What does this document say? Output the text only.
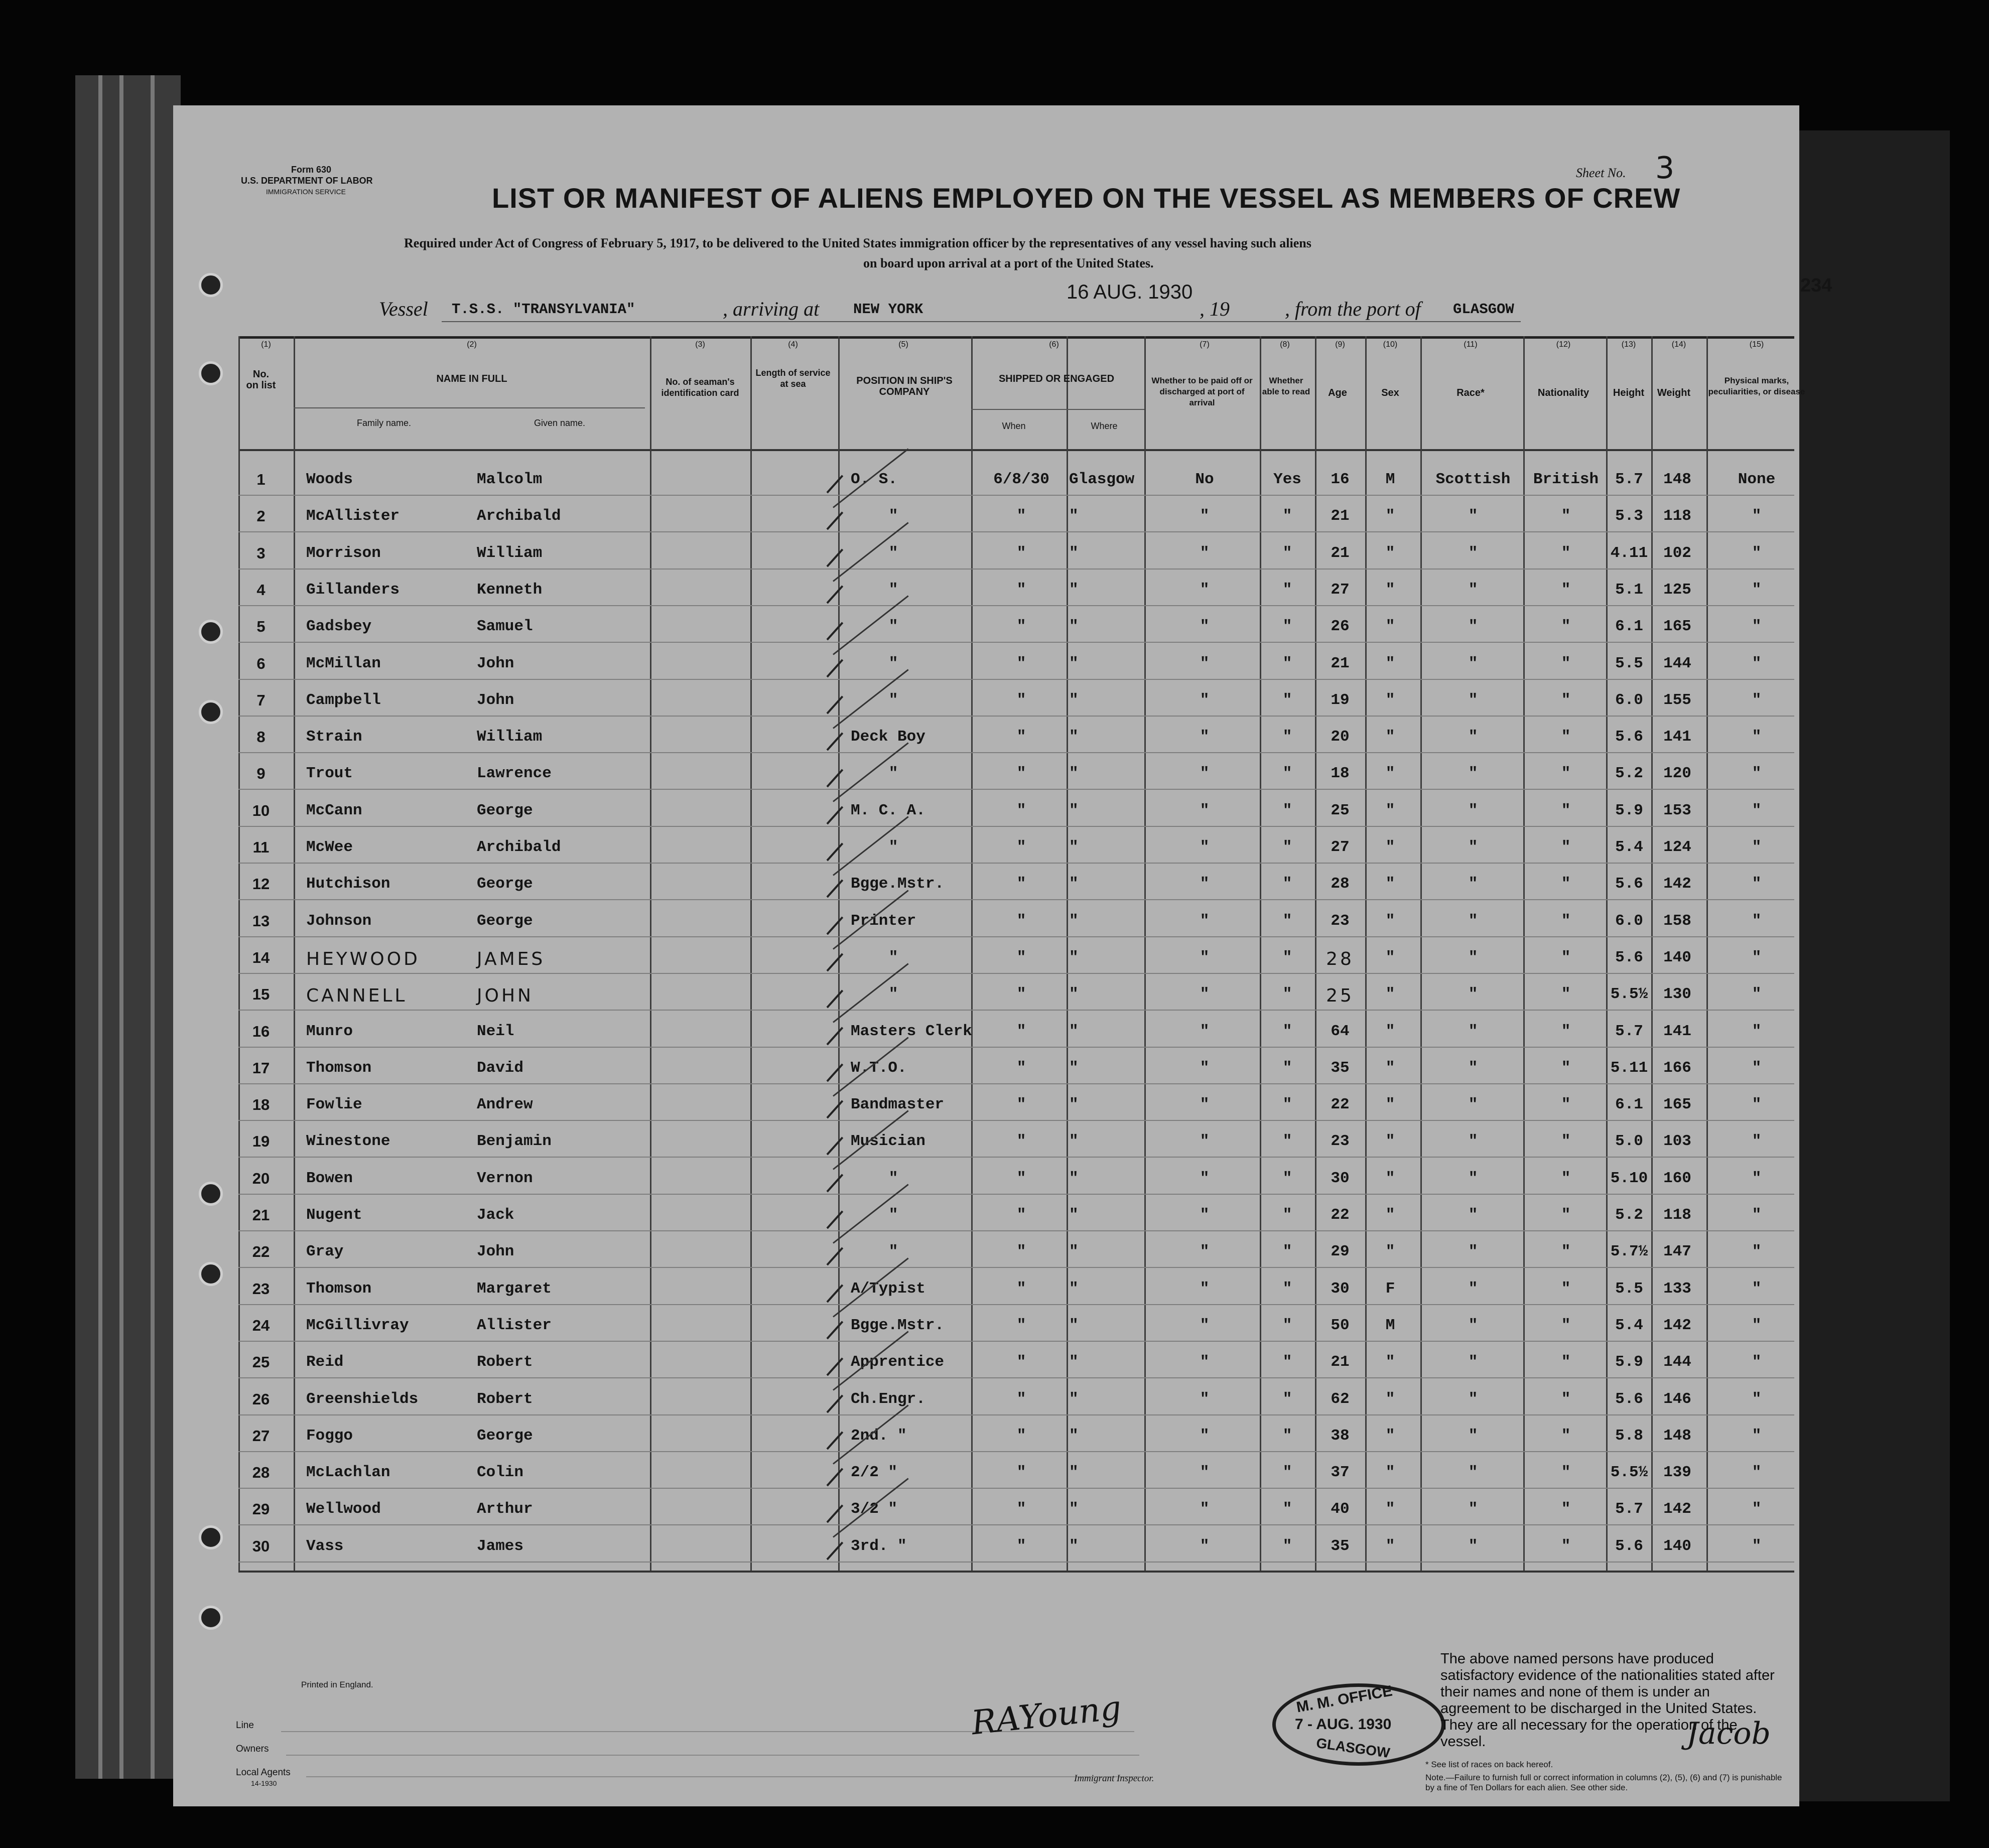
Form 630
U.S. DEPARTMENT OF LABOR
IMMIGRATION SERVICE
Sheet No. 3
LIST OR MANIFEST OF ALIENS EMPLOYED ON THE VESSEL AS MEMBERS OF CREW
Required under Act of Congress of February 5, 1917, to be delivered to the United States immigration officer by the representatives of any vessel having such aliens
on board upon arrival at a port of the United States.
234
Vessel T.S.S. "TRANSYLVANIA"	, arriving at NEW YORK
16 AUG. 1930
, 19	, from the port of GLASGOW
(1)	(2)	(3)	(4)	(5)	(6)	(7)	(8)	(9)	(10)	(11)	(12)	(13)	(14)	(15)
No. on list
NAME IN FULL
Family name.	Given name.
No. of seaman's identification card
Length of service at sea	POSITION IN SHIP'S COMPANY
SHIPPED OR ENGAGED
When	Where
Whether to be paid off or discharged at port of arrival
Whether able to read	Age	Sex	Race*	Nationality	Height	Weight
Physical marks, peculiarities, or disease
1	Woods	Malcolm	O. S.	6/8/30	Glasgow	No	Yes	16	M	Scottish	British	5.7	148	None
2	McAllister	Archibald	"	"	"	"	"	21	"	"	"	5.3	118	"
3	Morrison	William	"	"	"	"	"	21	"	"	"	4.11 102	"
4	Gillanders	Kenneth	"	"	"	"	"	27	"	"	"	5.1	125	"
5	Gadsbey	Samuel	"	"	"	"	"	26	"	"	"	6.1	165	"
6	McMillan	John	"	"	"	"	"	21	"	"	"	5.5	144	"
7	Campbell	John	"	"	"	"	"	19	"	"	"	6.0	155	"
8	Strain	William	Deck Boy	"	"	"	"	20	"	"	"	5.6	141	"
9	Trout	Lawrence	"	"	"	"	"	18	"	"	"	5.2	120	"
10	McCann	George	M. C. A.	"	"	"	"	25	"	"	"	5.9	153	"
11	McWee	Archibald	"	"	"	"	"	27	"	"	"	5.4	124	"
12	Hutchison	George	Bgge.Mstr.	"	"	"	"	28	"	"	"	5.6	142	"
13	Johnson	George	Printer	"	"	"	"	23	"	"	"	6.0	158	"
14	HEYWOOD	JAMES	"	"	"	"	"	28	"	"	"	5.6	140	"
15	CANNELL	JOHN	"	"	"	"	"	25	"	"	"	5.5½ 130	"
16	Munro	Neil	Masters Clerk	"	"	"	"	64	"	"	"	5.7	141	"
17	Thomson	David	W.T.O.	"	"	"	"	35	"	"	"	5.11 166	"
18	Fowlie	Andrew	Bandmaster	"	"	"	"	22	"	"	"	6.1	165	"
19	Winestone	Benjamin	Musician	"	"	"	"	23	"	"	"	5.0	103	"
20	Bowen	Vernon	"	"	"	"	"	30	"	"	"	5.10 160	"
21	Nugent	Jack	"	"	"	"	"	22	"	"	"	5.2	118	"
22	Gray	John	"	"	"	"	"	29	"	"	"	5.7½ 147	"
23	Thomson	Margaret	A/Typist	"	"	"	"	30	F	"	"	5.5	133	"
24	McGillivray	Allister	Bgge.Mstr.	"	"	"	"	50	M	"	"	5.4	142	"
25	Reid	Robert	Apprentice	"	"	"	"	21	"	"	"	5.9	144	"
26	Greenshields	Robert	Ch.Engr.	"	"	"	"	62	"	"	"	5.6	146	"
27	Foggo	George	2nd. "	"	"	"	"	38	"	"	"	5.8	148	"
28	McLachlan	Colin	2/2 "	"	"	"	"	37	"	"	"	5.5½ 139	"
29	Wellwood	Arthur	3/2 "	"	"	"	"	40	"	"	"	5.7	142	"
30	Vass	James	3rd. "	"	"	"	"	35	"	"	"	5.6	140	"
Printed in England.
Line
Owners
Local Agents
14-1930
RAYoung
Immigrant Inspector.
M. M. OFFICE
7 - AUG. 1930
GLASGOW
The above named persons have produced satisfactory evidence of the nationalities stated after their names and none of them is under an agreement to be discharged in the United States. They are all necessary for the operation of the vessel.	Jacob
* See list of races on back hereof.
Note.—Failure to furnish full or correct information in columns (2), (5), (6) and (7) is punishable by a fine of Ten Dollars for each alien. See other side.
